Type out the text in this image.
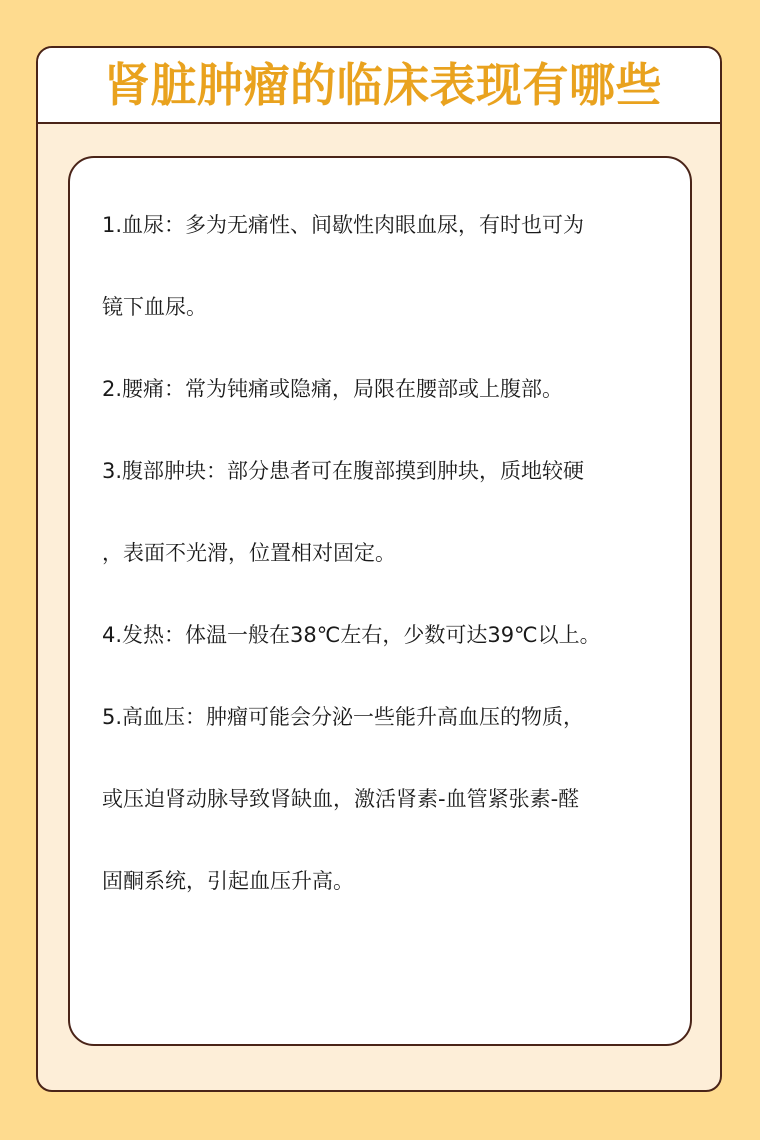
肾脏肿瘤的临床表现有哪些
1.血尿：多为无痛性、间歇性肉眼血尿，有时也可为
镜下血尿。
2.腰痛：常为钝痛或隐痛，局限在腰部或上腹部。
3.腹部肿块：部分患者可在腹部摸到肿块，质地较硬
，表面不光滑，位置相对固定。
4.发热：体温一般在38℃左右，少数可达39℃以上。
5.高血压：肿瘤可能会分泌一些能升高血压的物质，
或压迫肾动脉导致肾缺血，激活肾素-血管紧张素-醛
固酮系统，引起血压升高。
